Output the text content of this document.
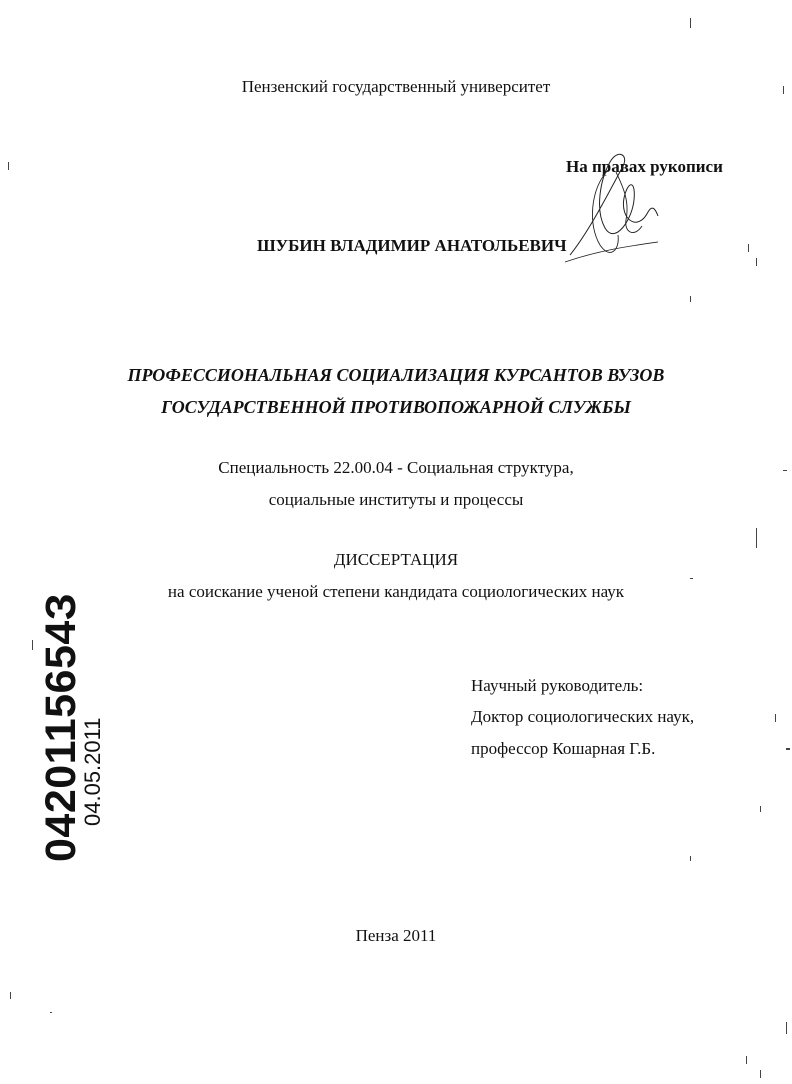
Пензенский государственный университет
На правах рукописи
ШУБИН ВЛАДИМИР АНАТОЛЬЕВИЧ
ПРОФЕССИОНАЛЬНАЯ СОЦИАЛИЗАЦИЯ КУРСАНТОВ ВУЗОВ
ГОСУДАРСТВЕННОЙ ПРОТИВОПОЖАРНОЙ СЛУЖБЫ
Специальность 22.00.04 - Социальная структура,
социальные институты и процессы
ДИССЕРТАЦИЯ
на соискание ученой степени кандидата социологических наук
Научный руководитель:
Доктор социологических наук,
профессор Кошарная Г.Б.
Пенза 2011
0420115654З
04.05.2011
